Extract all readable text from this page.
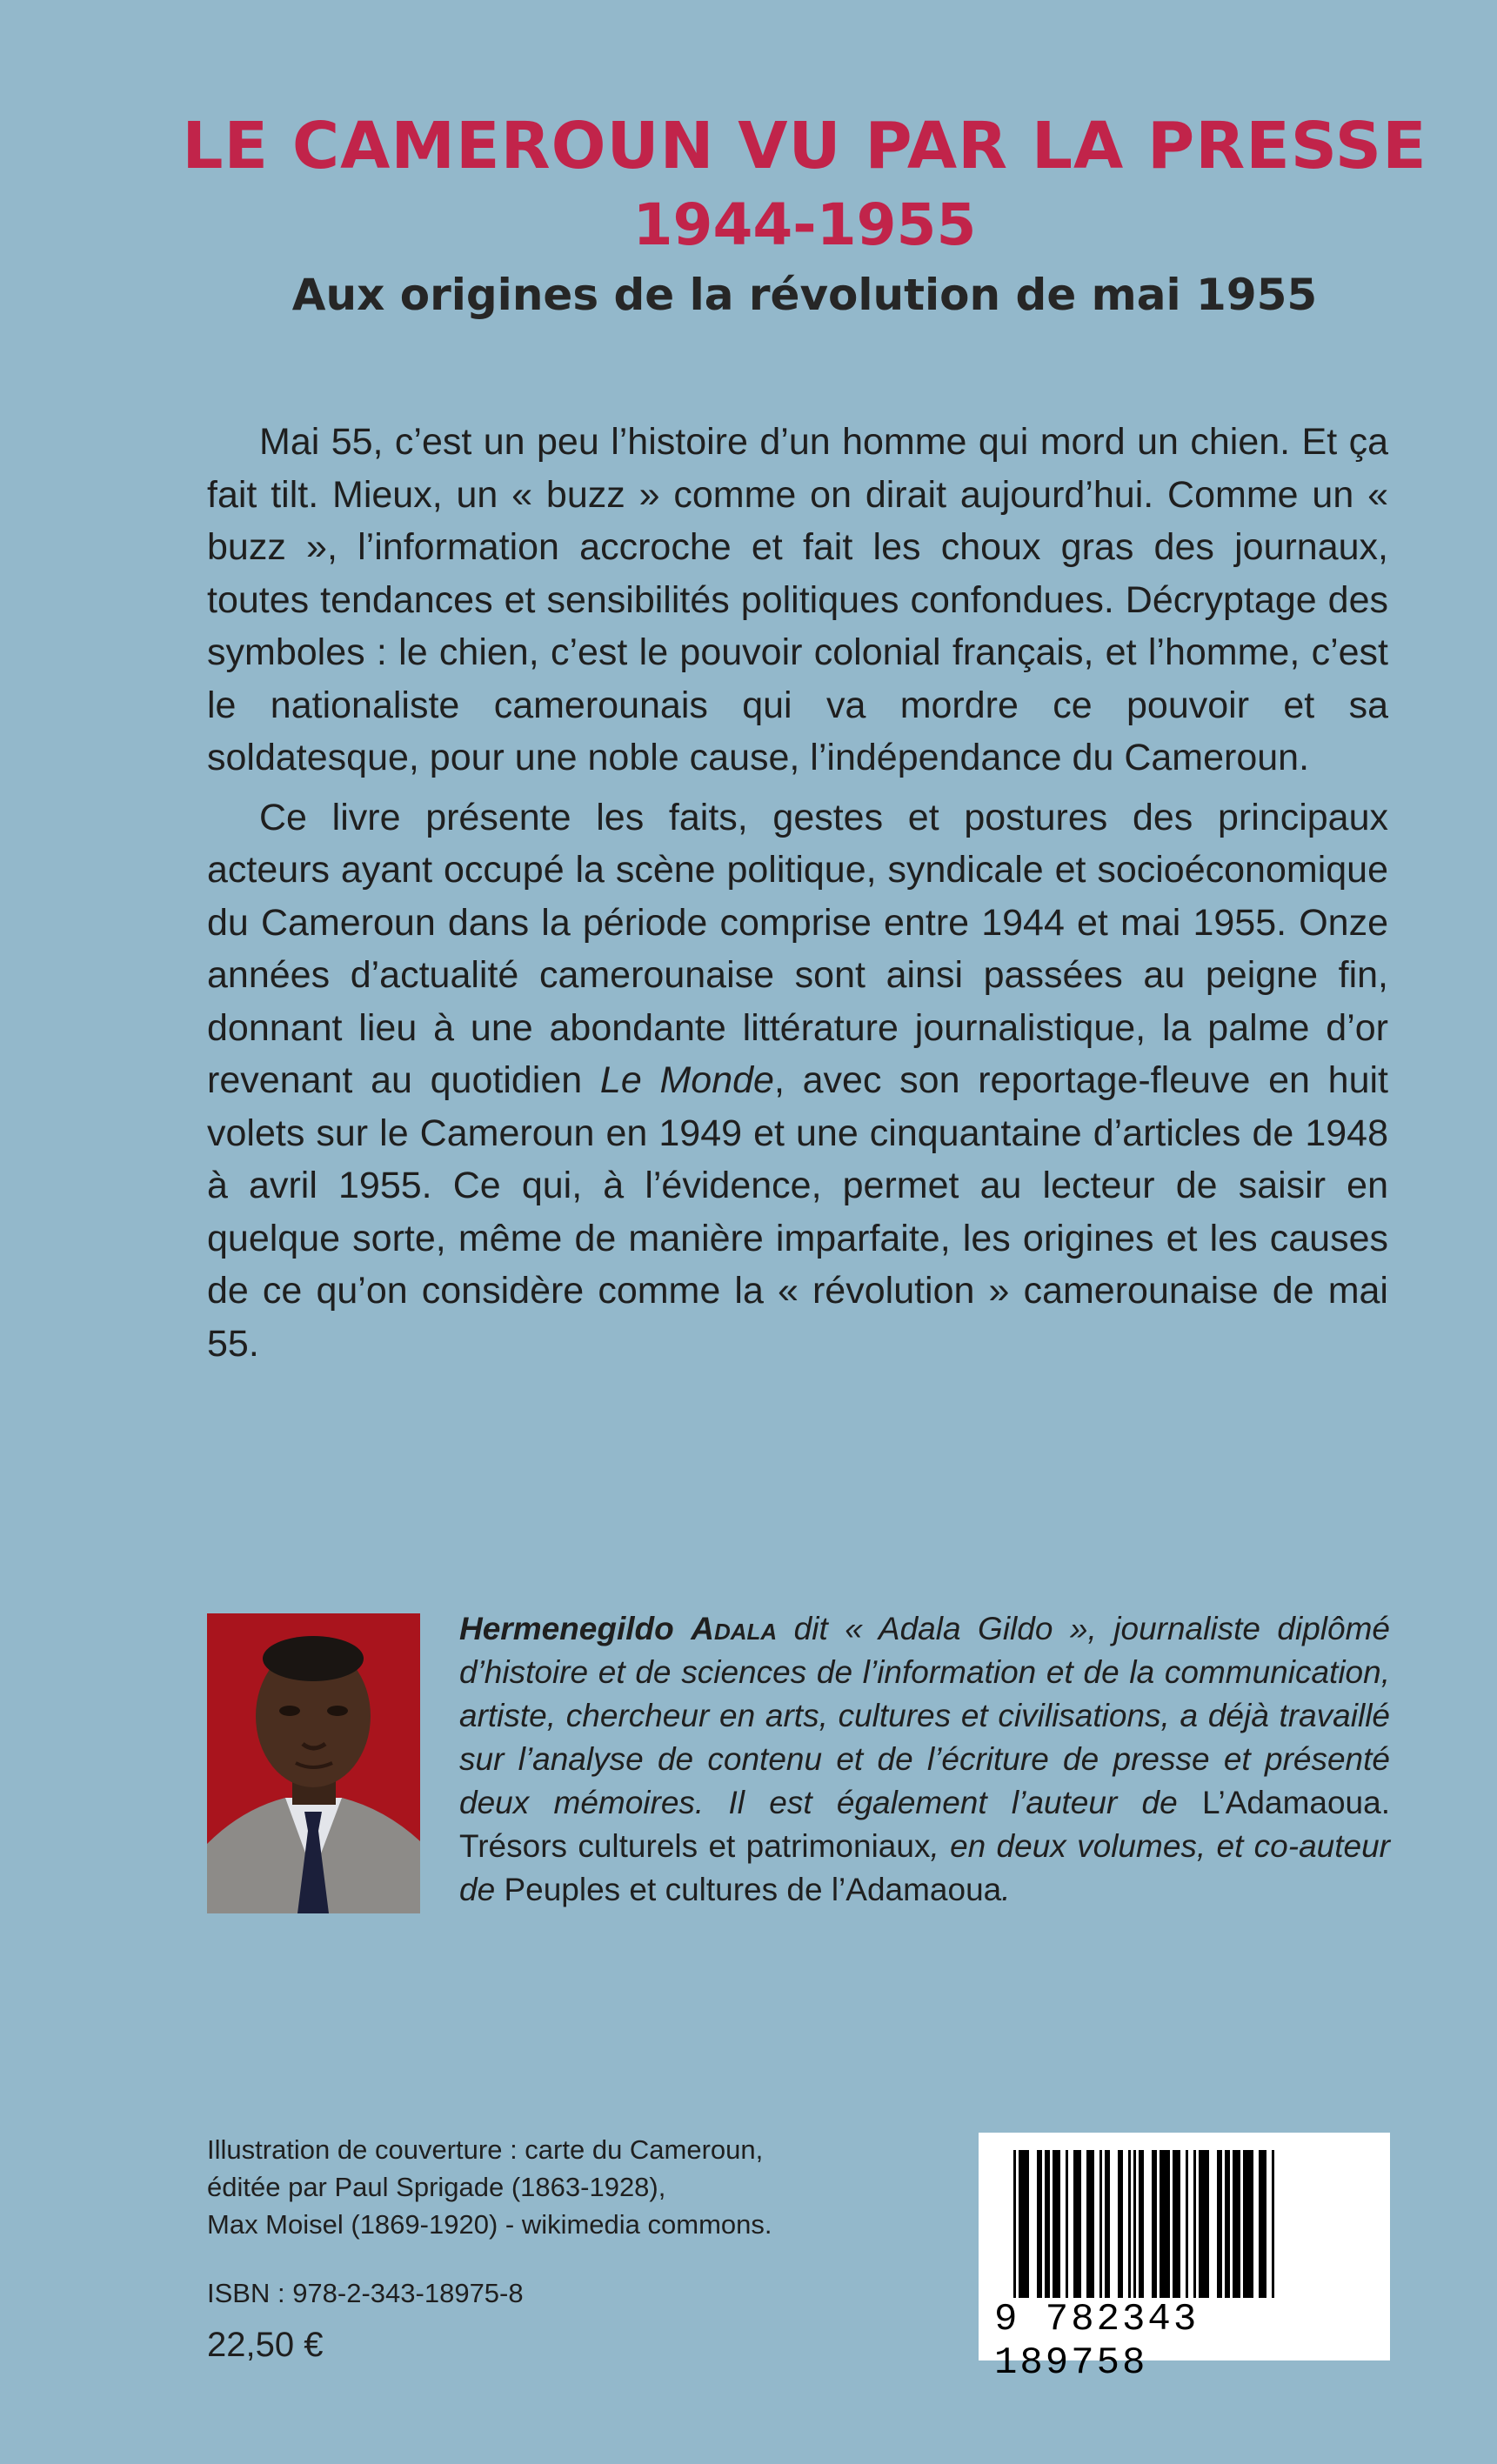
LE CAMEROUN VU PAR LA PRESSE
1944-1955
Aux origines de la révolution de mai 1955

Mai 55, c’est un peu l’histoire d’un homme qui mord un chien. Et ça fait tilt. Mieux, un « buzz » comme on dirait aujourd’hui. Comme un « buzz », l’information accroche et fait les choux gras des journaux, toutes tendances et sensibilités politiques confondues. Décryptage des symboles : le chien, c’est le pouvoir colonial français, et l’homme, c’est le nationaliste camerounais qui va mordre ce pouvoir et sa soldatesque, pour une noble cause, l’indépendance du Cameroun.

Ce livre présente les faits, gestes et postures des principaux acteurs ayant occupé la scène politique, syndicale et socioéconomique du Cameroun dans la période comprise entre 1944 et mai 1955. Onze années d’actualité camerounaise sont ainsi passées au peigne fin, donnant lieu à une abondante littérature journalistique, la palme d’or revenant au quotidien Le Monde, avec son reportage-fleuve en huit volets sur le Cameroun en 1949 et une cinquantaine d’articles de 1948 à avril 1955. Ce qui, à l’évidence, permet au lecteur de saisir en quelque sorte, même de manière imparfaite, les origines et les causes de ce qu’on considère comme la « révolution » camerounaise de mai 55.

Hermenegildo Adala dit « Adala Gildo », journaliste diplômé d’histoire et de sciences de l’information et de la communication, artiste, chercheur en arts, cultures et civilisations, a déjà travaillé sur l’analyse de contenu et de l’écriture de presse et présenté deux mémoires. Il est également l’auteur de L’Adamaoua. Trésors culturels et patrimoniaux, en deux volumes, et co-auteur de Peuples et cultures de l’Adamaoua.
Illustration de couverture : carte du Cameroun,
éditée par Paul Sprigade (1863-1928),
Max Moisel (1869-1920) - wikimedia commons.
ISBN : 978-2-343-18975-8
22,50 €
9 782343 189758
